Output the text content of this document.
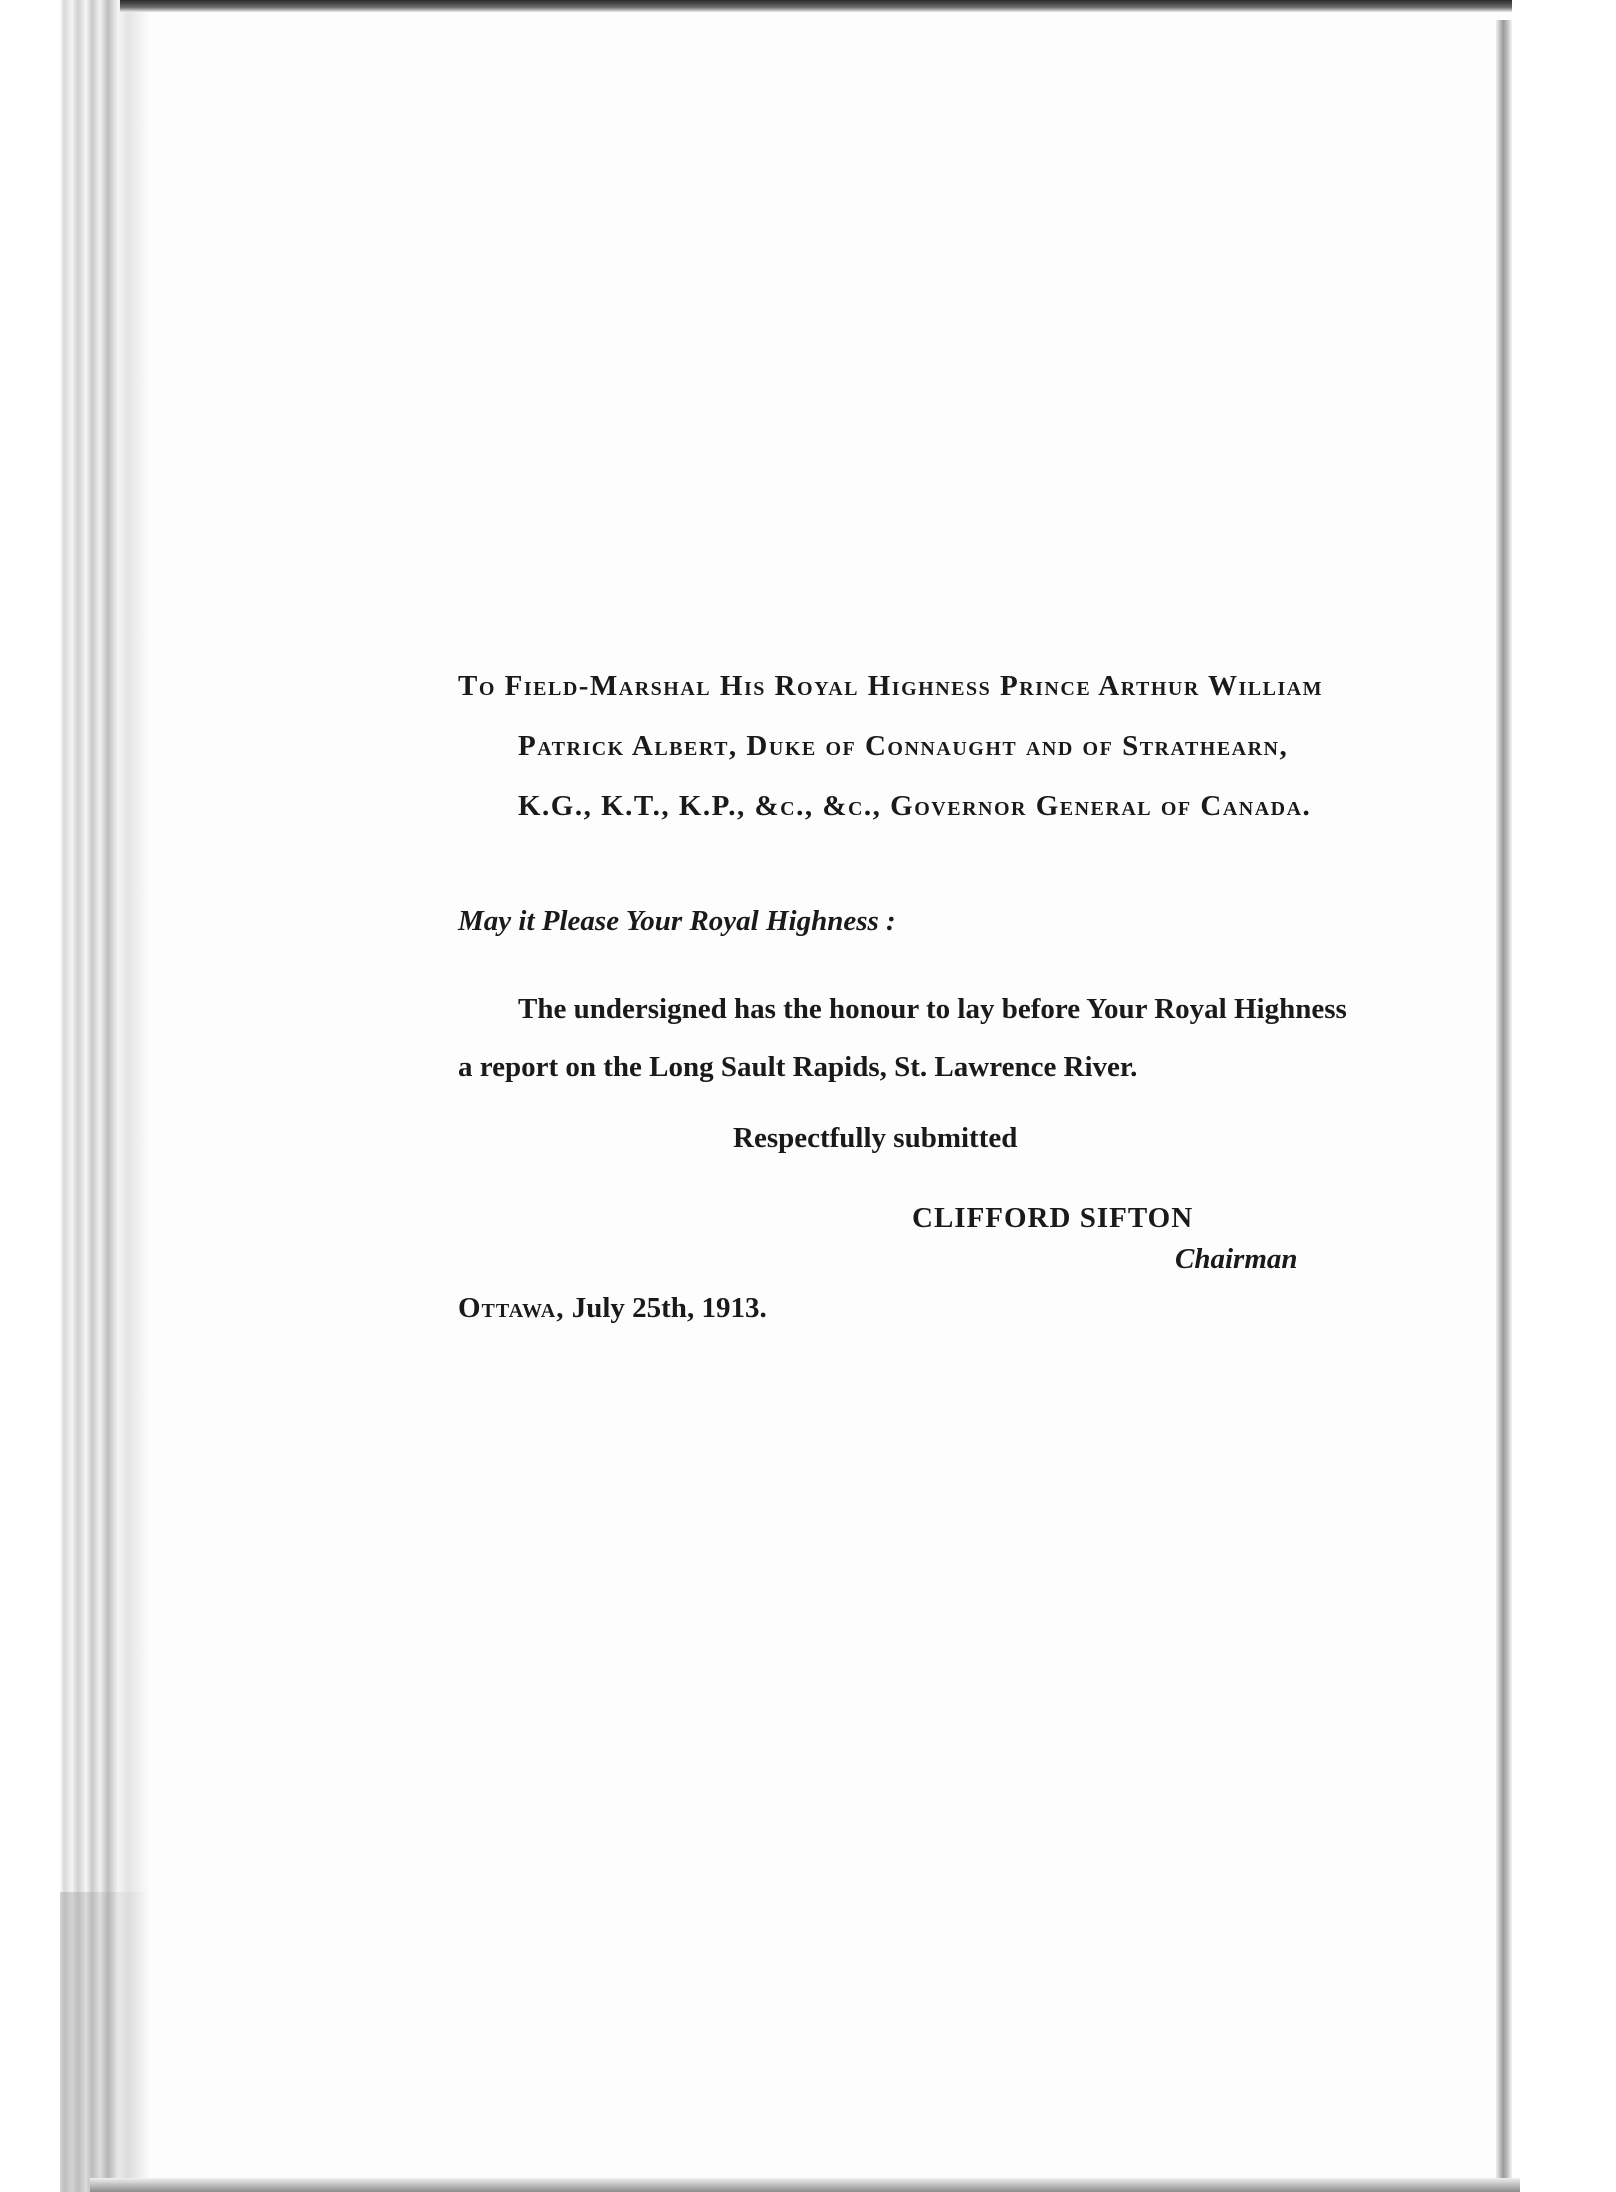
To Field-Marshal His Royal Highness Prince Arthur William
Patrick Albert, Duke of Connaught and of Strathearn,
K.G., K.T., K.P., &c., &c., Governor General of Canada.
May it Please Your Royal Highness :
The undersigned has the honour to lay before Your Royal Highness
a report on the Long Sault Rapids, St. Lawrence River.
Respectfully submitted
CLIFFORD SIFTON
Chairman
Ottawa, July 25th, 1913.
